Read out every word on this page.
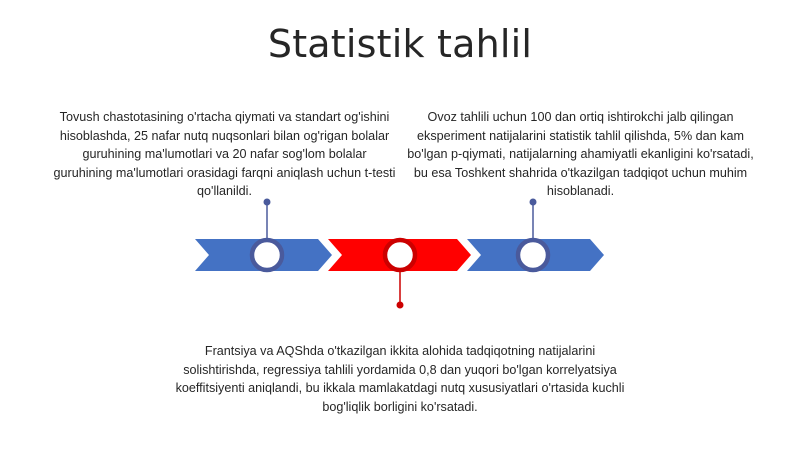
Statistik tahlil
Tovush chastotasining o'rtacha qiymati va standart og'ishini hisoblashda, 25 nafar nutq nuqsonlari bilan og'rigan bolalar guruhining ma'lumotlari va 20 nafar sog'lom bolalar guruhining ma'lumotlari orasidagi farqni aniqlash uchun t-testi qo'llanildi.
Ovoz tahlili uchun 100 dan ortiq ishtirokchi jalb qilingan eksperiment natijalarini statistik tahlil qilishda, 5% dan kam bo'lgan p-qiymati, natijalarning ahamiyatli ekanligini ko'rsatadi, bu esa Toshkent shahrida o'tkazilgan tadqiqot uchun muhim hisoblanadi.
Frantsiya va AQShda o'tkazilgan ikkita alohida tadqiqotning natijalarini solishtirishda, regressiya tahlili yordamida 0,8 dan yuqori bo'lgan korrelyatsiya koeffitsiyenti aniqlandi, bu ikkala mamlakatdagi nutq xususiyatlari o'rtasida kuchli bog'liqlik borligini ko'rsatadi.
